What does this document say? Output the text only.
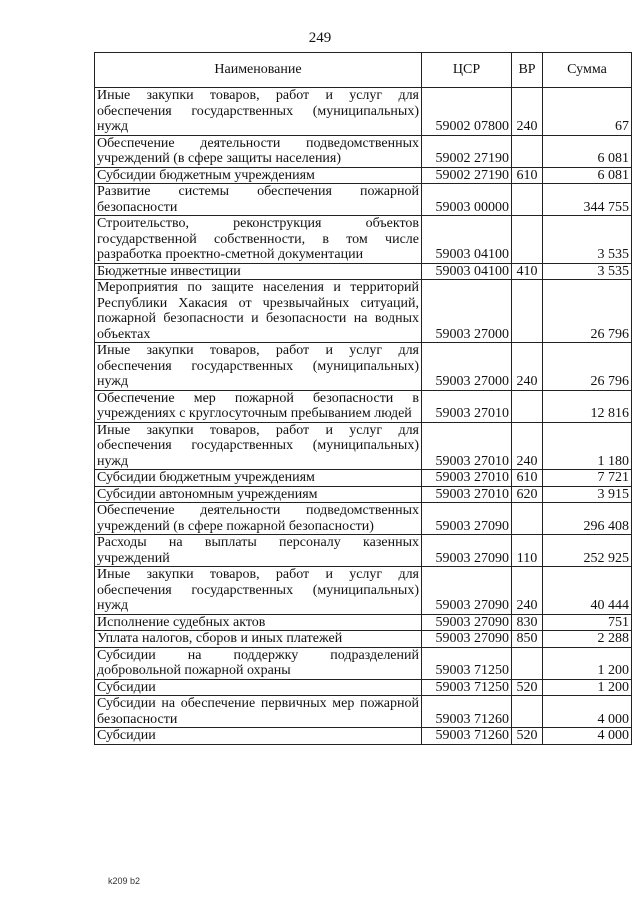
249
Наименование	ЦСР	ВР	Сумма
Иные закупки товаров, работ и услуг для обеспечения государственных (муниципальных) нужд	59002 07800	240	67
Обеспечение деятельности подведомственных учреждений (в сфере защиты населения)	59002 27190		6 081
Субсидии бюджетным учреждениям	59002 27190	610	6 081
Развитие системы обеспечения пожарной безопасности	59003 00000		344 755
Строительство, реконструкция объектов государственной собственности, в том числе разработка проектно-сметной документации	59003 04100		3 535
Бюджетные инвестиции	59003 04100	410	3 535
Мероприятия по защите населения и территорий Республики Хакасия от чрезвычайных ситуаций, пожарной безопасности и безопасности на водных объектах	59003 27000		26 796
Иные закупки товаров, работ и услуг для обеспечения государственных (муниципальных) нужд	59003 27000	240	26 796
Обеспечение мер пожарной безопасности в учреждениях с круглосуточным пребыванием людей	59003 27010		12 816
Иные закупки товаров, работ и услуг для обеспечения государственных (муниципальных) нужд	59003 27010	240	1 180
Субсидии бюджетным учреждениям	59003 27010	610	7 721
Субсидии автономным учреждениям	59003 27010	620	3 915
Обеспечение деятельности подведомственных учреждений (в сфере пожарной безопасности)	59003 27090		296 408
Расходы на выплаты персоналу казенных учреждений	59003 27090	110	252 925
Иные закупки товаров, работ и услуг для обеспечения государственных (муниципальных) нужд	59003 27090	240	40 444
Исполнение судебных актов	59003 27090	830	751
Уплата налогов, сборов и иных платежей	59003 27090	850	2 288
Субсидии на поддержку подразделений добровольной пожарной охраны	59003 71250		1 200
Субсидии	59003 71250	520	1 200
Субсидии на обеспечение первичных мер пожарной безопасности	59003 71260		4 000
Субсидии	59003 71260	520	4 000
k209 b2
